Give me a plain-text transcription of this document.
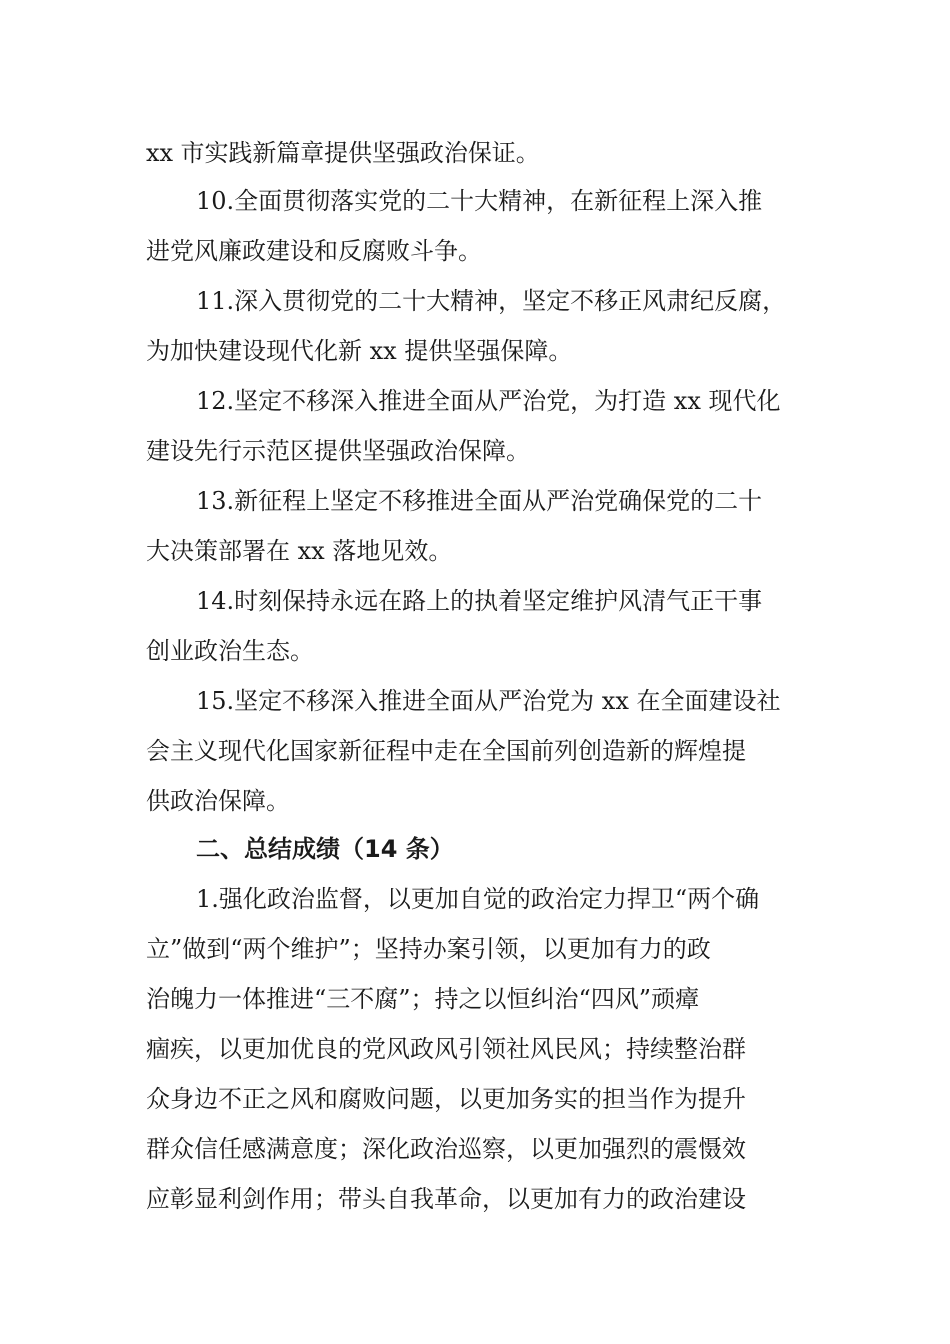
xx 市实践新篇章提供坚强政治保证。
10.全面贯彻落实党的二十大精神，在新征程上深入推
进党风廉政建设和反腐败斗争。
11.深入贯彻党的二十大精神，坚定不移正风肃纪反腐，
为加快建设现代化新 xx 提供坚强保障。
12.坚定不移深入推进全面从严治党，为打造 xx 现代化
建设先行示范区提供坚强政治保障。
13.新征程上坚定不移推进全面从严治党确保党的二十
大决策部署在 xx 落地见效。
14.时刻保持永远在路上的执着坚定维护风清气正干事
创业政治生态。
15.坚定不移深入推进全面从严治党为 xx 在全面建设社
会主义现代化国家新征程中走在全国前列创造新的辉煌提
供政治保障。
二、总结成绩（14 条）
1.强化政治监督，以更加自觉的政治定力捍卫“两个确
立”做到“两个维护”；坚持办案引领，以更加有力的政
治魄力一体推进“三不腐”；持之以恒纠治“四风”顽瘴
痼疾，以更加优良的党风政风引领社风民风；持续整治群
众身边不正之风和腐败问题，以更加务实的担当作为提升
群众信任感满意度；深化政治巡察，以更加强烈的震慑效
应彰显利剑作用；带头自我革命，以更加有力的政治建设
